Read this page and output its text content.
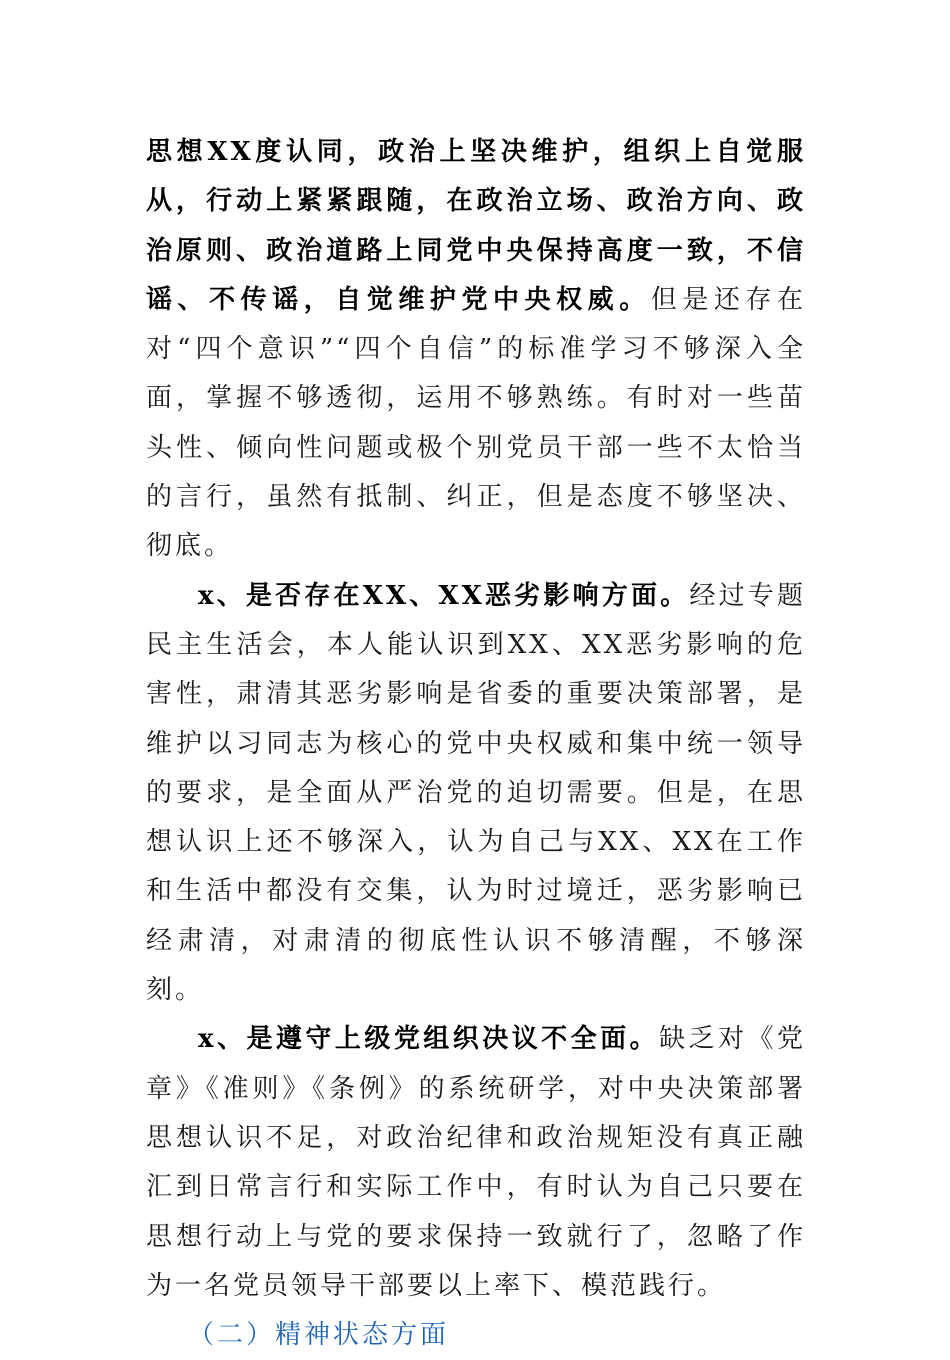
思想XX度认同，政治上坚决维护，组织上自觉服从，行动上紧紧跟随，在政治立场、政治方向、政治原则、政治道路上同党中央保持高度一致，不信谣、不传谣，自觉维护党中央权威。但是还存在对“四个意识”“四个自信”的标准学习不够深入全面，掌握不够透彻，运用不够熟练。有时对一些苗头性、倾向性问题或极个别党员干部一些不太恰当的言行，虽然有抵制、纠正，但是态度不够坚决、彻底。

x、是否存在XX、XX恶劣影响方面。经过专题民主生活会，本人能认识到XX、XX恶劣影响的危害性，肃清其恶劣影响是省委的重要决策部署，是维护以习同志为核心的党中央权威和集中统一领导的要求，是全面从严治党的迫切需要。但是，在思想认识上还不够深入，认为自己与XX、XX在工作和生活中都没有交集，认为时过境迁，恶劣影响已经肃清，对肃清的彻底性认识不够清醒，不够深刻。

x、是遵守上级党组织决议不全面。缺乏对《党章》《准则》《条例》的系统研学，对中央决策部署思想认识不足，对政治纪律和政治规矩没有真正融汇到日常言行和实际工作中，有时认为自己只要在思想行动上与党的要求保持一致就行了，忽略了作为一名党员领导干部要以上率下、模范践行。

（二）精神状态方面
